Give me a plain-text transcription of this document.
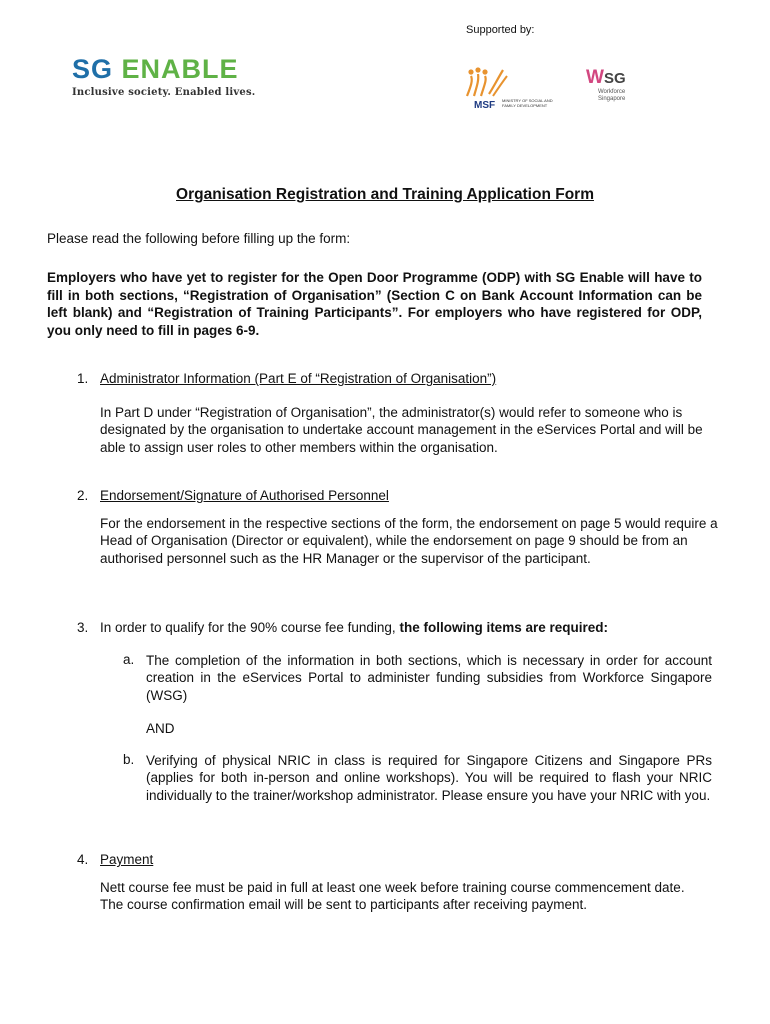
Supported by:
SG ENABLE
Inclusive society. Enabled lives.
MSF MINISTRY OF SOCIAL AND FAMILY DEVELOPMENT
WSG
Workforce
Singapore
Organisation Registration and Training Application Form
Please read the following before filling up the form:
Employers who have yet to register for the Open Door Programme (ODP) with SG Enable will have to fill in both sections, “Registration of Organisation” (Section C on Bank Account Information can be left blank) and “Registration of Training Participants”. For employers who have registered for ODP, you only need to fill in pages 6-9.
1. Administrator Information (Part E of “Registration of Organisation”)
In Part D under “Registration of Organisation”, the administrator(s) would refer to someone who is designated by the organisation to undertake account management in the eServices Portal and will be able to assign user roles to other members within the organisation.
2. Endorsement/Signature of Authorised Personnel
For the endorsement in the respective sections of the form, the endorsement on page 5 would require a Head of Organisation (Director or equivalent), while the endorsement on page 9 should be from an authorised personnel such as the HR Manager or the supervisor of the participant.
3. In order to qualify for the 90% course fee funding, the following items are required:
a. The completion of the information in both sections, which is necessary in order for account creation in the eServices Portal to administer funding subsidies from Workforce Singapore (WSG)
AND
b. Verifying of physical NRIC in class is required for Singapore Citizens and Singapore PRs (applies for both in-person and online workshops). You will be required to flash your NRIC individually to the trainer/workshop administrator. Please ensure you have your NRIC with you.
4. Payment
Nett course fee must be paid in full at least one week before training course commencement date. The course confirmation email will be sent to participants after receiving payment.
